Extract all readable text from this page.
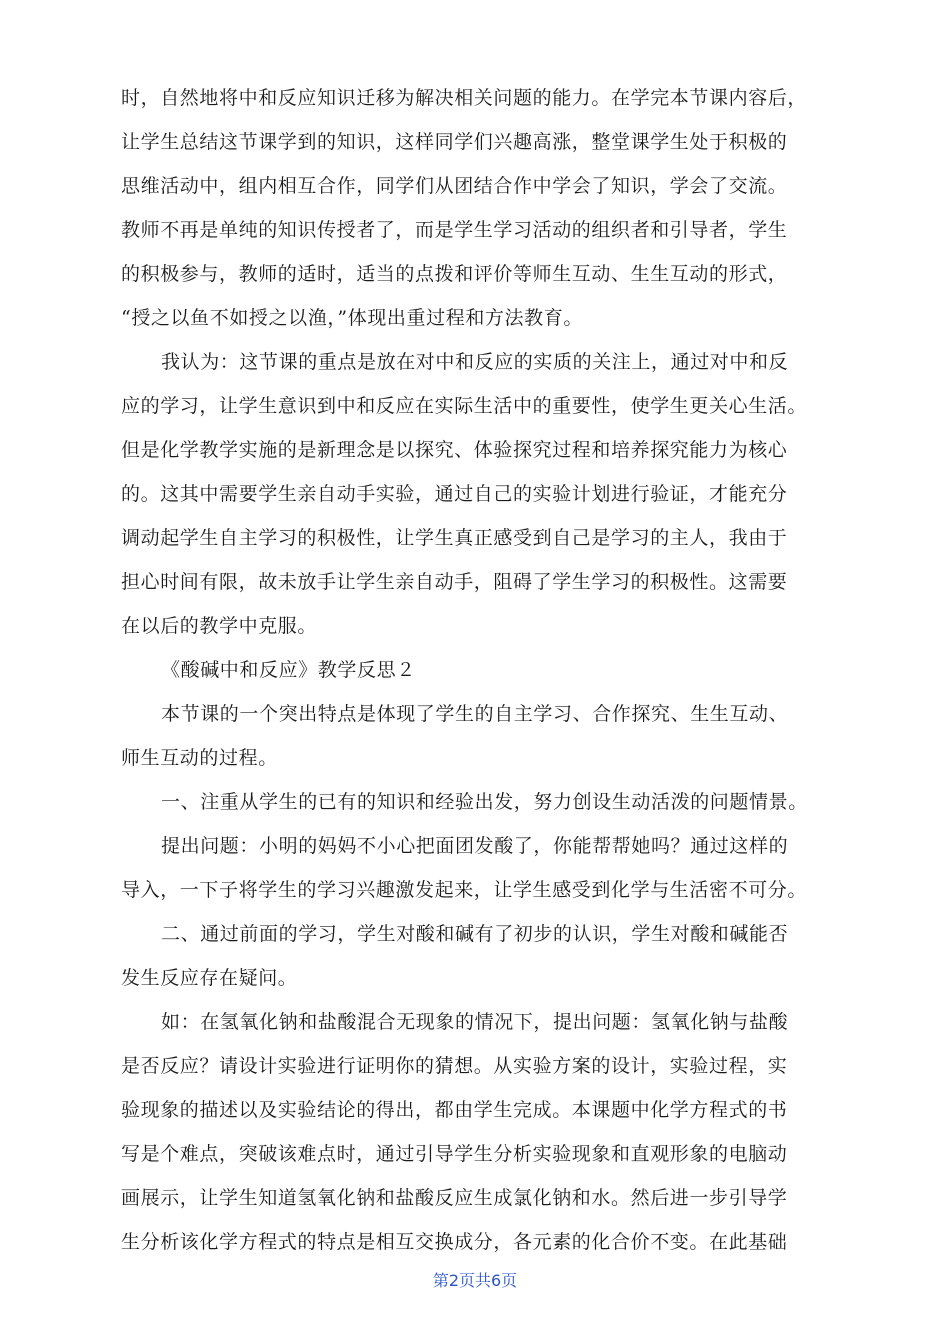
时，自然地将中和反应知识迁移为解决相关问题的能力。在学完本节课内容后，
让学生总结这节课学到的知识，这样同学们兴趣高涨，整堂课学生处于积极的
思维活动中，组内相互合作，同学们从团结合作中学会了知识，学会了交流。
教师不再是单纯的知识传授者了，而是学生学习活动的组织者和引导者，学生
的积极参与，教师的适时，适当的点拨和评价等师生互动、生生互动的形式，
“授之以鱼不如授之以渔，”体现出重过程和方法教育。
我认为：这节课的重点是放在对中和反应的实质的关注上，通过对中和反
应的学习，让学生意识到中和反应在实际生活中的重要性，使学生更关心生活。
但是化学教学实施的是新理念是以探究、体验探究过程和培养探究能力为核心
的。这其中需要学生亲自动手实验，通过自己的实验计划进行验证，才能充分
调动起学生自主学习的积极性，让学生真正感受到自己是学习的主人，我由于
担心时间有限，故未放手让学生亲自动手，阻碍了学生学习的积极性。这需要
在以后的教学中克服。
《酸碱中和反应》教学反思２
本节课的一个突出特点是体现了学生的自主学习、合作探究、生生互动、
师生互动的过程。
一、注重从学生的已有的知识和经验出发，努力创设生动活泼的问题情景。
提出问题：小明的妈妈不小心把面团发酸了，你能帮帮她吗？通过这样的
导入，一下子将学生的学习兴趣激发起来，让学生感受到化学与生活密不可分。
二、通过前面的学习，学生对酸和碱有了初步的认识，学生对酸和碱能否
发生反应存在疑问。
如：在氢氧化钠和盐酸混合无现象的情况下，提出问题：氢氧化钠与盐酸
是否反应？请设计实验进行证明你的猜想。从实验方案的设计，实验过程，实
验现象的描述以及实验结论的得出，都由学生完成。本课题中化学方程式的书
写是个难点，突破该难点时，通过引导学生分析实验现象和直观形象的电脑动
画展示，让学生知道氢氧化钠和盐酸反应生成氯化钠和水。然后进一步引导学
生分析该化学方程式的特点是相互交换成分，各元素的化合价不变。在此基础
第2页共6页
